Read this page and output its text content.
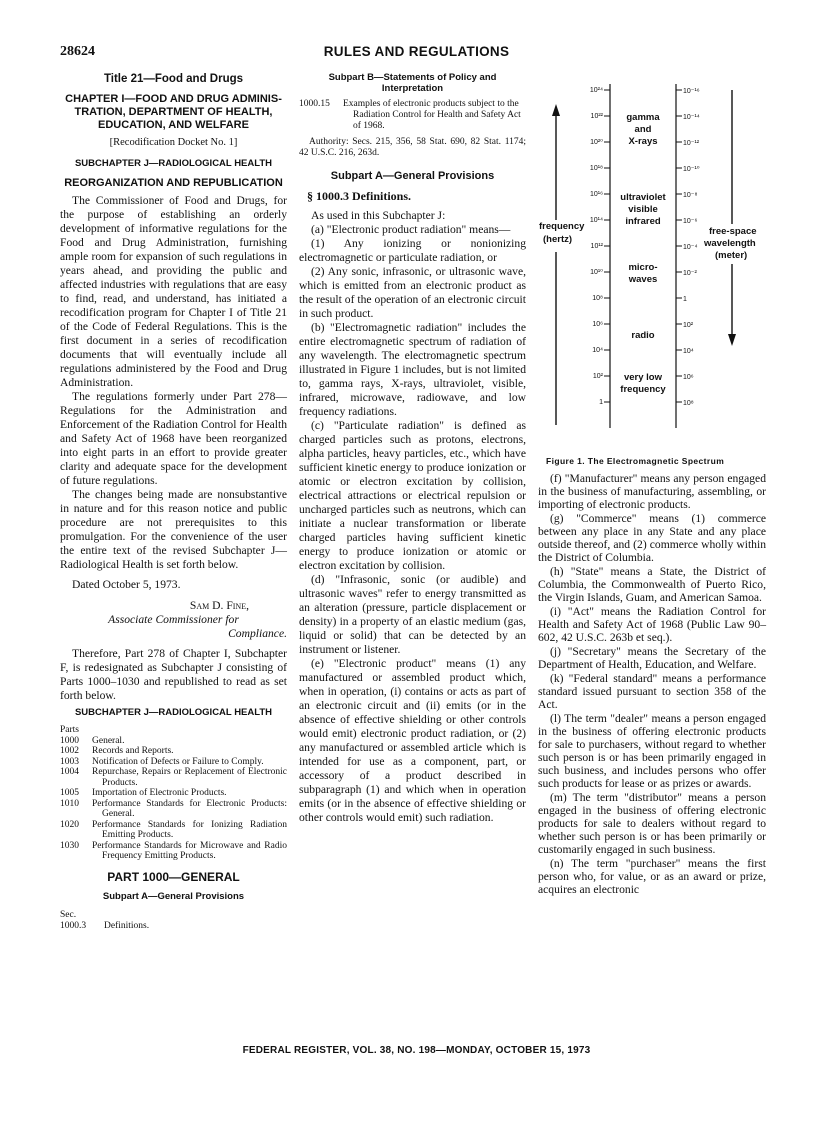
28624	RULES AND REGULATIONS
Title 21—Food and Drugs
CHAPTER I—FOOD AND DRUG ADMINIS-TRATION, DEPARTMENT OF HEALTH, EDUCATION, AND WELFARE
[Recodification Docket No. 1]
SUBCHAPTER J—RADIOLOGICAL HEALTH
REORGANIZATION AND REPUBLICATION

The Commissioner of Food and Drugs, for the purpose of establishing an orderly development of informative regulations for the Food and Drug Administration, furnishing ample room for expansion of such regulations in years ahead, and providing the public and affected industries with regulations that are easy to find, read, and understand, has initiated a recodification program for Chapter I of Title 21 of the Code of Federal Regulations. This is the first document in a series of recodification documents that will eventually include all regulations administered by the Food and Drug Administration.

The regulations formerly under Part 278—Regulations for the Administration and Enforcement of the Radiation Control for Health and Safety Act of 1968 have been reorganized into eight parts in an effort to provide greater clarity and adequate space for the development of future regulations.

The changes being made are nonsubstantive in nature and for this reason notice and public procedure are not prerequisites to this promulgation. For the convenience of the user the entire text of the revised Subchapter J—Radiological Health is set forth below.

Dated October 5, 1973.

Sam D. Fine,
Associate Commissioner for
Compliance.

Therefore, Part 278 of Chapter I, Subchapter F, is redesignated as Subchapter J consisting of Parts 1000–1030 and republished to read as set forth below.

SUBCHAPTER J—RADIOLOGICAL HEALTH
Parts
1000	General.
1002	Records and Reports.
1003	Notification of Defects or Failure to Comply.
1004	Repurchase, Repairs or Replacement of Electronic Products.
1005	Importation of Electronic Products.
1010	Performance Standards for Electronic Products: General.
1020	Performance Standards for Ionizing Radiation Emitting Products.
1030	Performance Standards for Microwave and Radio Frequency Emitting Products.
PART 1000—GENERAL
Subpart A—General Provisions
Sec.
1000.3	Definitions.
Subpart B—Statements of Policy and Interpretation
1000.15	Examples of electronic products subject to the Radiation Control for Health and Safety Act of 1968.
Authority: Secs. 215, 356, 58 Stat. 690, 82 Stat. 1174; 42 U.S.C. 216, 263d.
Subpart A—General Provisions
§ 1000.3 Definitions.

As used in this Subchapter J:

(a) "Electronic product radiation" means—

(1) Any ionizing or nonionizing electromagnetic or particulate radiation, or

(2) Any sonic, infrasonic, or ultrasonic wave, which is emitted from an electronic product as the result of the operation of an electronic circuit in such product.

(b) "Electromagnetic radiation" includes the entire electromagnetic spectrum of radiation of any wavelength. The electromagnetic spectrum illustrated in Figure 1 includes, but is not limited to, gamma rays, X-rays, ultraviolet, visible, infrared, microwave, radiowave, and low frequency radiations.

(c) "Particulate radiation" is defined as charged particles such as protons, electrons, alpha particles, heavy particles, etc., which have sufficient kinetic energy to produce ionization or atomic or electron excitation by collision, electrical attractions or electrical repulsion or uncharged particles such as neutrons, which can initiate a nuclear transformation or liberate charged particles having sufficient kinetic energy to produce ionization or atomic or electron excitation by collision.

(d) "Infrasonic, sonic (or audible) and ultrasonic waves" refer to energy transmitted as an alteration (pressure, particle displacement or density) in a property of an elastic medium (gas, liquid or solid) that can be detected by an instrument or listener.

(e) "Electronic product" means (1) any manufactured or assembled product which, when in operation, (i) contains or acts as part of an electronic circuit and (ii) emits (or in the absence of effective shielding or other controls would emit) electronic product radiation, or (2) any manufactured or assembled article which is intended for use as a component, part, or accessory of a product described in subparagraph (1) and which when in operation emits (or in the absence of effective shielding or other controls would emit) such radiation.

frequency
(hertz)
free-space
wavelength
(meter)
10²⁴
10²²
10²⁰
10¹⁸
10¹⁶
10¹⁴
10¹²
10¹⁰
10⁸
10⁶
10⁴
10²
1
10⁻¹⁶
10⁻¹⁴
10⁻¹²
10⁻¹⁰
10⁻⁸
10⁻⁶
10⁻⁴
10⁻²
1
10²
10⁴
10⁶
10⁸
gamma
and
X-rays
ultraviolet
visible
infrared
micro-
waves
radio
very low
frequency
Figure 1. The Electromagnetic Spectrum

(f) "Manufacturer" means any person engaged in the business of manufacturing, assembling, or importing of electronic products.

(g) "Commerce" means (1) commerce between any place in any State and any place outside thereof, and (2) commerce wholly within the District of Columbia.

(h) "State" means a State, the District of Columbia, the Commonwealth of Puerto Rico, the Virgin Islands, Guam, and American Samoa.

(i) "Act" means the Radiation Control for Health and Safety Act of 1968 (Public Law 90–602, 42 U.S.C. 263b et seq.).

(j) "Secretary" means the Secretary of the Department of Health, Education, and Welfare.

(k) "Federal standard" means a performance standard issued pursuant to section 358 of the Act.

(l) The term "dealer" means a person engaged in the business of offering electronic products for sale to purchasers, without regard to whether such person is or has been primarily engaged in such business, and includes persons who offer such products for lease or as prizes or awards.

(m) The term "distributor" means a person engaged in the business of offering electronic products for sale to dealers without regard to whether such person is or has been primarily or customarily engaged in such business.

(n) The term "purchaser" means the first person who, for value, or as an award or prize, acquires an electronic

FEDERAL REGISTER, VOL. 38, NO. 198—MONDAY, OCTOBER 15, 1973
